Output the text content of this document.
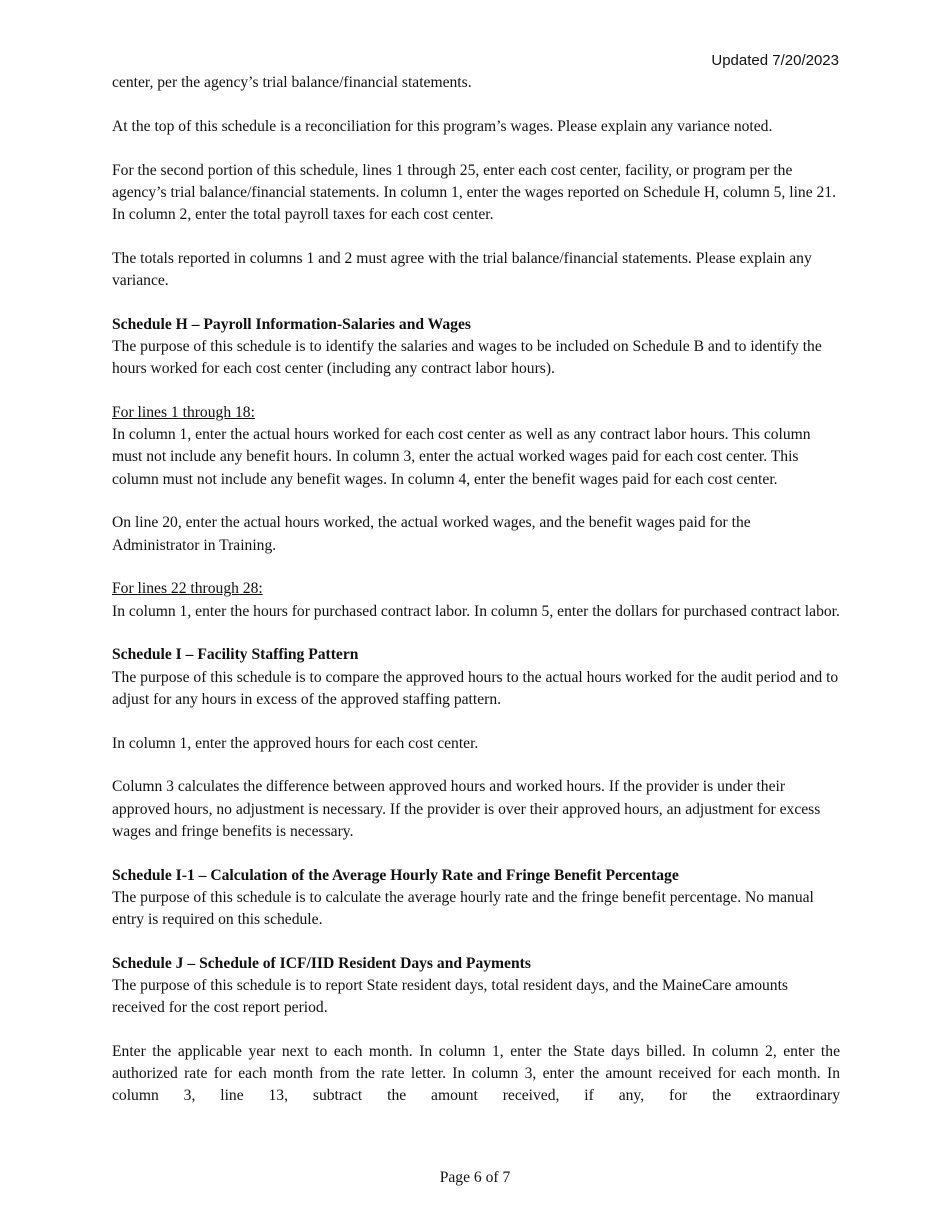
Updated 7/20/2023

center, per the agency’s trial balance/financial statements.

At the top of this schedule is a reconciliation for this program’s wages. Please explain any variance noted.

For the second portion of this schedule, lines 1 through 25, enter each cost center, facility, or program per the agency’s trial balance/financial statements. In column 1, enter the wages reported on Schedule H, column 5, line 21. In column 2, enter the total payroll taxes for each cost center.

The totals reported in columns 1 and 2 must agree with the trial balance/financial statements. Please explain any variance.

Schedule H – Payroll Information-Salaries and Wages
The purpose of this schedule is to identify the salaries and wages to be included on Schedule B and to identify the hours worked for each cost center (including any contract labor hours).

For lines 1 through 18:
In column 1, enter the actual hours worked for each cost center as well as any contract labor hours. This column must not include any benefit hours. In column 3, enter the actual worked wages paid for each cost center. This column must not include any benefit wages. In column 4, enter the benefit wages paid for each cost center.

On line 20, enter the actual hours worked, the actual worked wages, and the benefit wages paid for the Administrator in Training.

For lines 22 through 28:
In column 1, enter the hours for purchased contract labor. In column 5, enter the dollars for purchased contract labor.

Schedule I – Facility Staffing Pattern
The purpose of this schedule is to compare the approved hours to the actual hours worked for the audit period and to adjust for any hours in excess of the approved staffing pattern.

In column 1, enter the approved hours for each cost center.

Column 3 calculates the difference between approved hours and worked hours. If the provider is under their approved hours, no adjustment is necessary. If the provider is over their approved hours, an adjustment for excess wages and fringe benefits is necessary.

Schedule I-1 – Calculation of the Average Hourly Rate and Fringe Benefit Percentage
The purpose of this schedule is to calculate the average hourly rate and the fringe benefit percentage. No manual entry is required on this schedule.

Schedule J – Schedule of ICF/IID Resident Days and Payments
The purpose of this schedule is to report State resident days, total resident days, and the MaineCare amounts received for the cost report period.

Enter the applicable year next to each month. In column 1, enter the State days billed. In column 2, enter the authorized rate for each month from the rate letter. In column 3, enter the amount received for each month. In column 3, line 13, subtract the amount received, if any, for the extraordinary

Page 6 of 7
